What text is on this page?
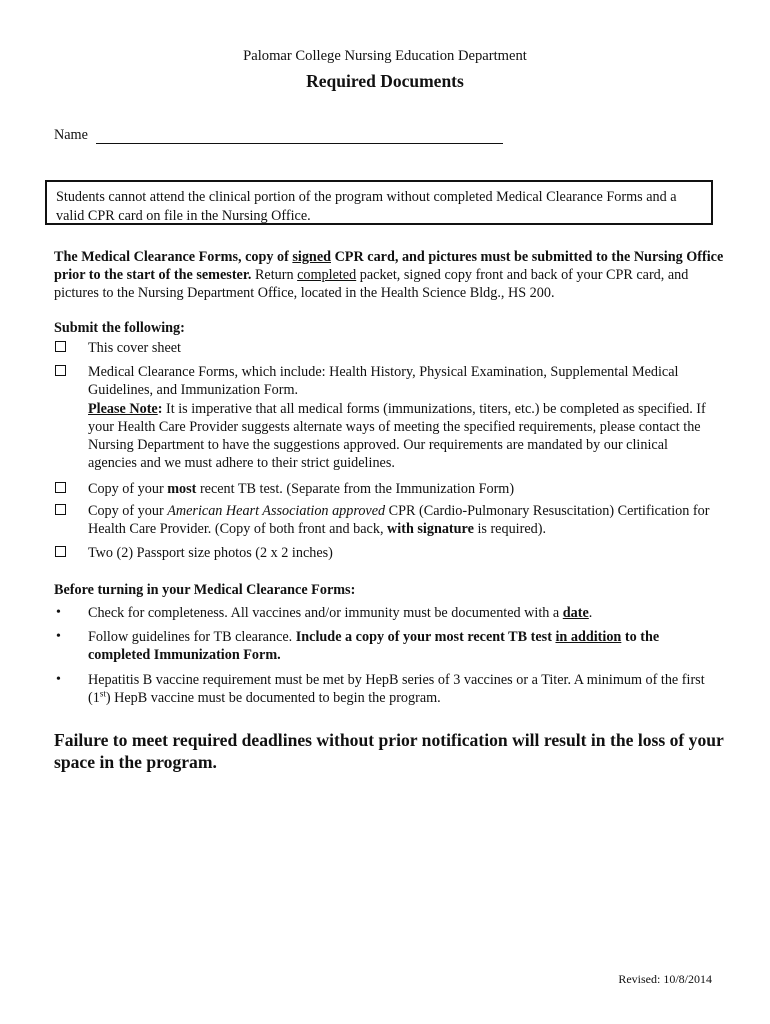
Palomar College Nursing Education Department
Required Documents
Name
Students cannot attend the clinical portion of the program without completed Medical Clearance Forms and a valid CPR card on file in the Nursing Office.
The Medical Clearance Forms, copy of signed CPR card, and pictures must be submitted to the Nursing Office prior to the start of the semester. Return completed packet, signed copy front and back of your CPR card, and pictures to the Nursing Department Office, located in the Health Science Bldg., HS 200.
Submit the following:
This cover sheet
Medical Clearance Forms, which include: Health History, Physical Examination, Supplemental Medical Guidelines, and Immunization Form.
Please Note: It is imperative that all medical forms (immunizations, titers, etc.) be completed as specified. If your Health Care Provider suggests alternate ways of meeting the specified requirements, please contact the Nursing Department to have the suggestions approved. Our requirements are mandated by our clinical agencies and we must adhere to their strict guidelines.
Copy of your most recent TB test. (Separate from the Immunization Form)
Copy of your American Heart Association approved CPR (Cardio-Pulmonary Resuscitation) Certification for Health Care Provider. (Copy of both front and back, with signature is required).
Two (2) Passport size photos (2 x 2 inches)
Before turning in your Medical Clearance Forms:
• Check for completeness. All vaccines and/or immunity must be documented with a date.
• Follow guidelines for TB clearance. Include a copy of your most recent TB test in addition to the completed Immunization Form.
• Hepatitis B vaccine requirement must be met by HepB series of 3 vaccines or a Titer. A minimum of the first (1st) HepB vaccine must be documented to begin the program.
Failure to meet required deadlines without prior notification will result in the loss of your space in the program.
Revised: 10/8/2014
